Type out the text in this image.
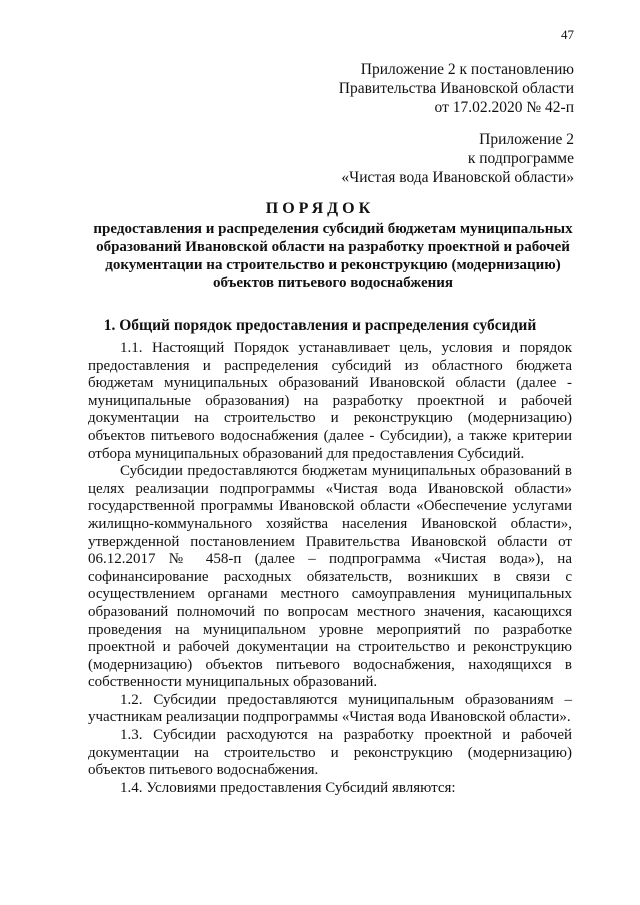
47
Приложение 2 к постановлению
Правительства Ивановской области
от 17.02.2020 № 42-п
Приложение 2
к подпрограмме
«Чистая вода Ивановской области»
ПОРЯДОК
предоставления и распределения субсидий бюджетам муниципальных образований Ивановской области на разработку проектной и рабочей документации на строительство и реконструкцию (модернизацию) объектов питьевого водоснабжения
1. Общий порядок предоставления и распределения субсидий

1.1. Настоящий Порядок устанавливает цель, условия и порядок предоставления и распределения субсидий из областного бюджета бюджетам муниципальных образований Ивановской области (далее - муниципальные образования) на разработку проектной и рабочей документации на строительство и реконструкцию (модернизацию) объектов питьевого водоснабжения (далее - Субсидии), а также критерии отбора муниципальных образований для предоставления Субсидий.

Субсидии предоставляются бюджетам муниципальных образований в целях реализации подпрограммы «Чистая вода Ивановской области» государственной программы Ивановской области «Обеспечение услугами жилищно-коммунального хозяйства населения Ивановской области», утвержденной постановлением Правительства Ивановской области от 06.12.2017 № 458-п (далее – подпрограмма «Чистая вода»), на софинансирование расходных обязательств, возникших в связи с осуществлением органами местного самоуправления муниципальных образований полномочий по вопросам местного значения, касающихся проведения на муниципальном уровне мероприятий по разработке проектной и рабочей документации на строительство и реконструкцию (модернизацию) объектов питьевого водоснабжения, находящихся в собственности муниципальных образований.

1.2. Субсидии предоставляются муниципальным образованиям – участникам реализации подпрограммы «Чистая вода Ивановской области».

1.3. Субсидии расходуются на разработку проектной и рабочей документации на строительство и реконструкцию (модернизацию) объектов питьевого водоснабжения.

1.4. Условиями предоставления Субсидий являются:
